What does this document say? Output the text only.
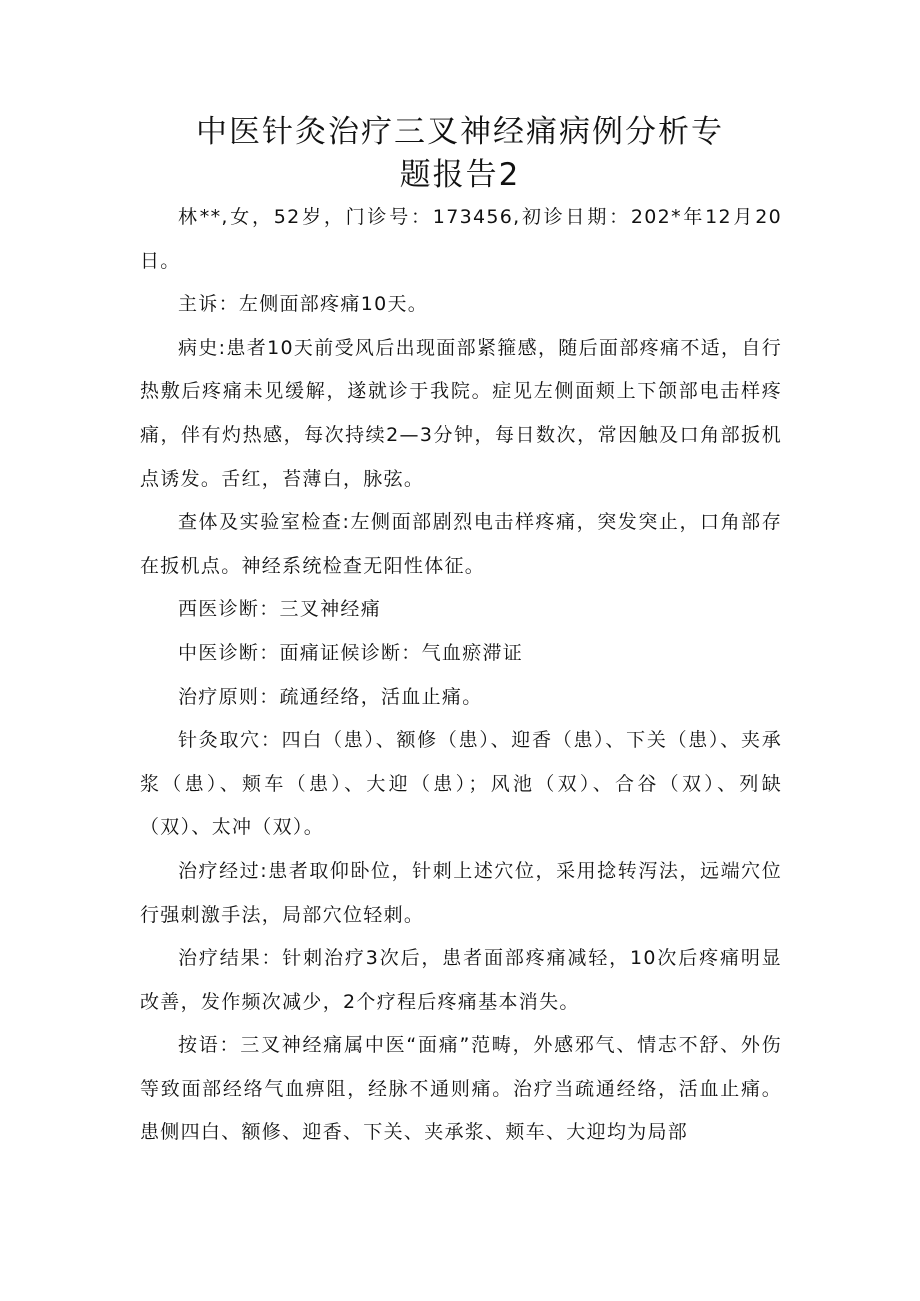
中医针灸治疗三叉神经痛病例分析专
题报告2

林**,女，52岁，门诊号：173456,初诊日期：202*年12月20日。

主诉：左侧面部疼痛10天。

病史:患者10天前受风后出现面部紧箍感，随后面部疼痛不适，自行热敷后疼痛未见缓解，遂就诊于我院。症见左侧面颊上下颌部电击样疼痛，伴有灼热感，每次持续2—3分钟，每日数次，常因触及口角部扳机点诱发。舌红，苔薄白，脉弦。

查体及实验室检查:左侧面部剧烈电击样疼痛，突发突止，口角部存在扳机点。神经系统检查无阳性体征。

西医诊断：三叉神经痛

中医诊断：面痛证候诊断：气血瘀滞证

治疗原则：疏通经络，活血止痛。

针灸取穴：四白（患）、额修（患）、迎香（患）、下关（患）、夹承浆（患）、颊车（患）、大迎（患）；风池（双）、合谷（双）、列缺（双）、太冲（双）。

治疗经过:患者取仰卧位，针刺上述穴位，采用捻转泻法，远端穴位行强刺激手法，局部穴位轻刺。

治疗结果：针刺治疗3次后，患者面部疼痛减轻，10次后疼痛明显改善，发作频次减少，2个疗程后疼痛基本消失。

按语：三叉神经痛属中医“面痛”范畴，外感邪气、情志不舒、外伤等致面部经络气血痹阻，经脉不通则痛。治疗当疏通经络，活血止痛。患侧四白、额修、迎香、下关、夹承浆、颊车、大迎均为局部
